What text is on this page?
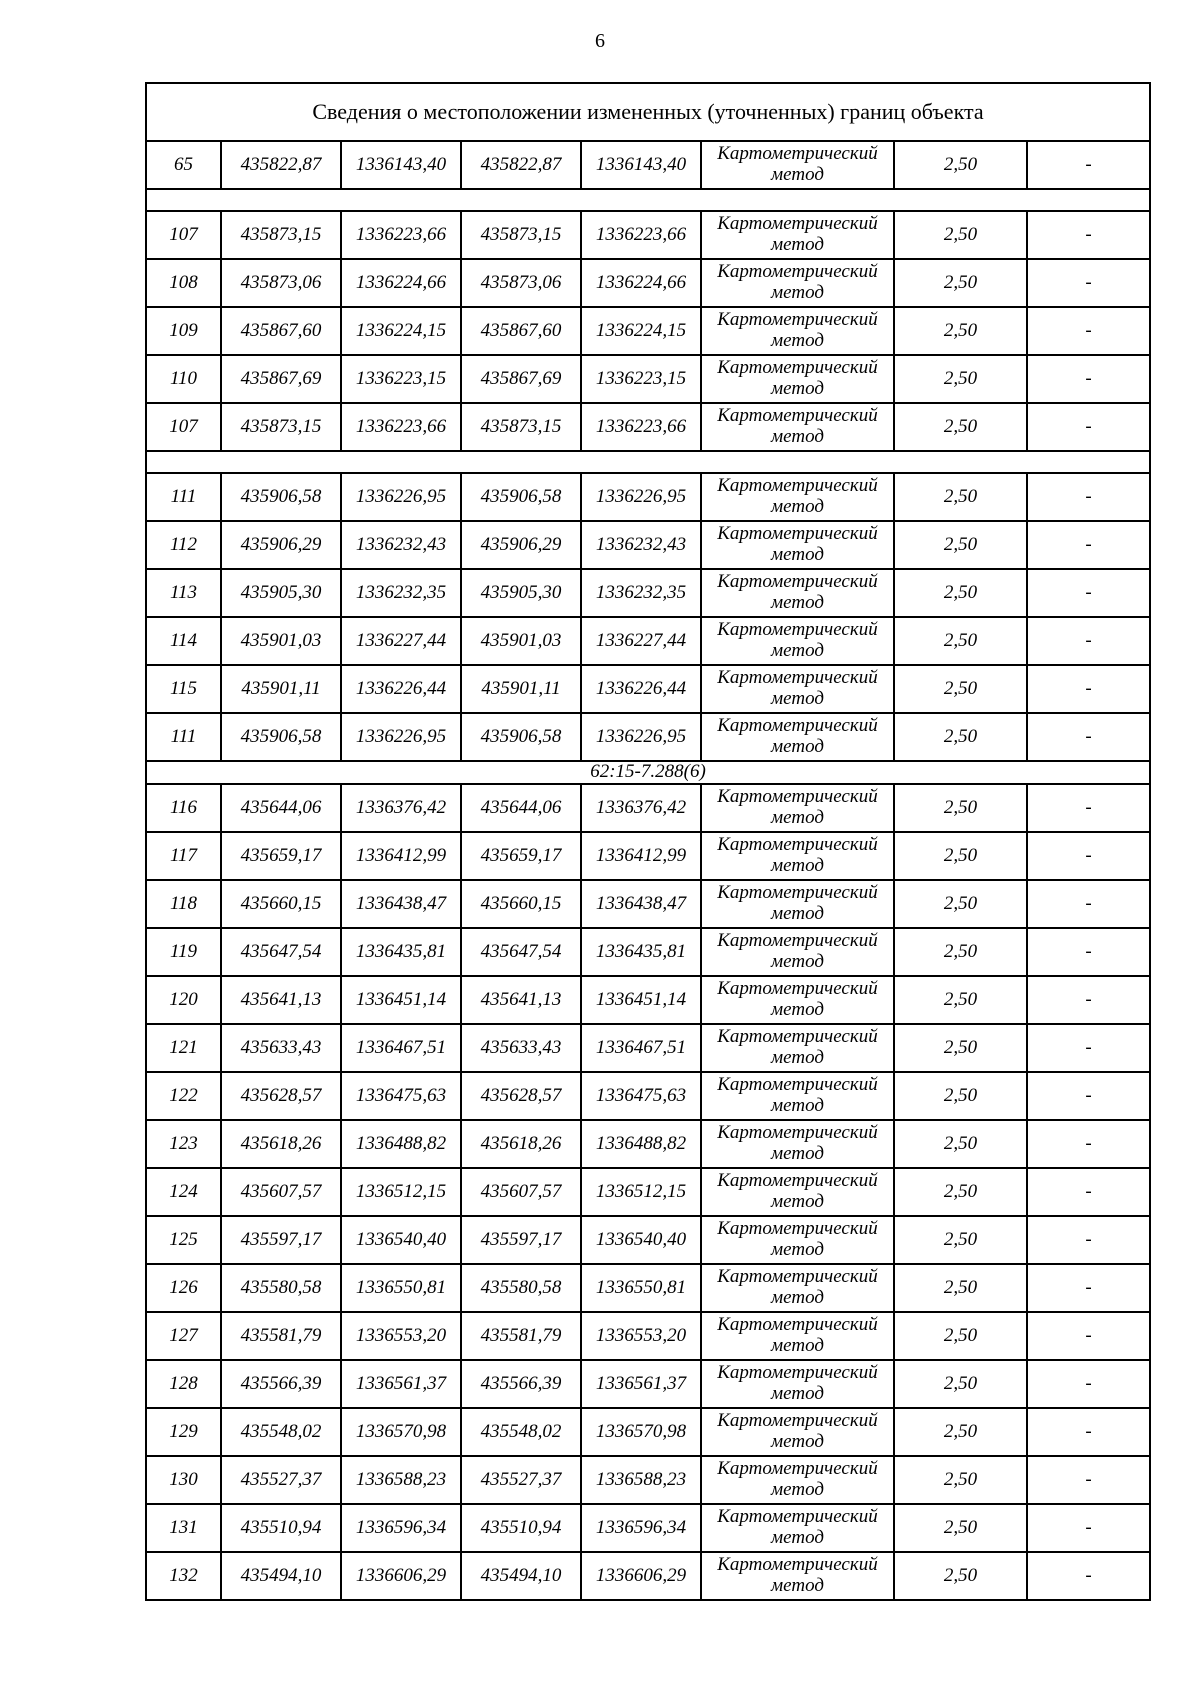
6
Сведения о местоположении измененных (уточненных) границ объекта							
65	435822,87	1336143,40	435822,87	1336143,40	Картометрический
метод	2,50	-

107	435873,15	1336223,66	435873,15	1336223,66	Картометрический
метод	2,50	-
108	435873,06	1336224,66	435873,06	1336224,66	Картометрический
метод	2,50	-
109	435867,60	1336224,15	435867,60	1336224,15	Картометрический
метод	2,50	-
110	435867,69	1336223,15	435867,69	1336223,15	Картометрический
метод	2,50	-
107	435873,15	1336223,66	435873,15	1336223,66	Картометрический
метод	2,50	-

111	435906,58	1336226,95	435906,58	1336226,95	Картометрический
метод	2,50	-
112	435906,29	1336232,43	435906,29	1336232,43	Картометрический
метод	2,50	-
113	435905,30	1336232,35	435905,30	1336232,35	Картометрический
метод	2,50	-
114	435901,03	1336227,44	435901,03	1336227,44	Картометрический
метод	2,50	-
115	435901,11	1336226,44	435901,11	1336226,44	Картометрический
метод	2,50	-
111	435906,58	1336226,95	435906,58	1336226,95	Картометрический
метод	2,50	-
62:15-7.288(6)							
116	435644,06	1336376,42	435644,06	1336376,42	Картометрический
метод	2,50	-
117	435659,17	1336412,99	435659,17	1336412,99	Картометрический
метод	2,50	-
118	435660,15	1336438,47	435660,15	1336438,47	Картометрический
метод	2,50	-
119	435647,54	1336435,81	435647,54	1336435,81	Картометрический
метод	2,50	-
120	435641,13	1336451,14	435641,13	1336451,14	Картометрический
метод	2,50	-
121	435633,43	1336467,51	435633,43	1336467,51	Картометрический
метод	2,50	-
122	435628,57	1336475,63	435628,57	1336475,63	Картометрический
метод	2,50	-
123	435618,26	1336488,82	435618,26	1336488,82	Картометрический
метод	2,50	-
124	435607,57	1336512,15	435607,57	1336512,15	Картометрический
метод	2,50	-
125	435597,17	1336540,40	435597,17	1336540,40	Картометрический
метод	2,50	-
126	435580,58	1336550,81	435580,58	1336550,81	Картометрический
метод	2,50	-
127	435581,79	1336553,20	435581,79	1336553,20	Картометрический
метод	2,50	-
128	435566,39	1336561,37	435566,39	1336561,37	Картометрический
метод	2,50	-
129	435548,02	1336570,98	435548,02	1336570,98	Картометрический
метод	2,50	-
130	435527,37	1336588,23	435527,37	1336588,23	Картометрический
метод	2,50	-
131	435510,94	1336596,34	435510,94	1336596,34	Картометрический
метод	2,50	-
132	435494,10	1336606,29	435494,10	1336606,29	Картометрический
метод	2,50	-
